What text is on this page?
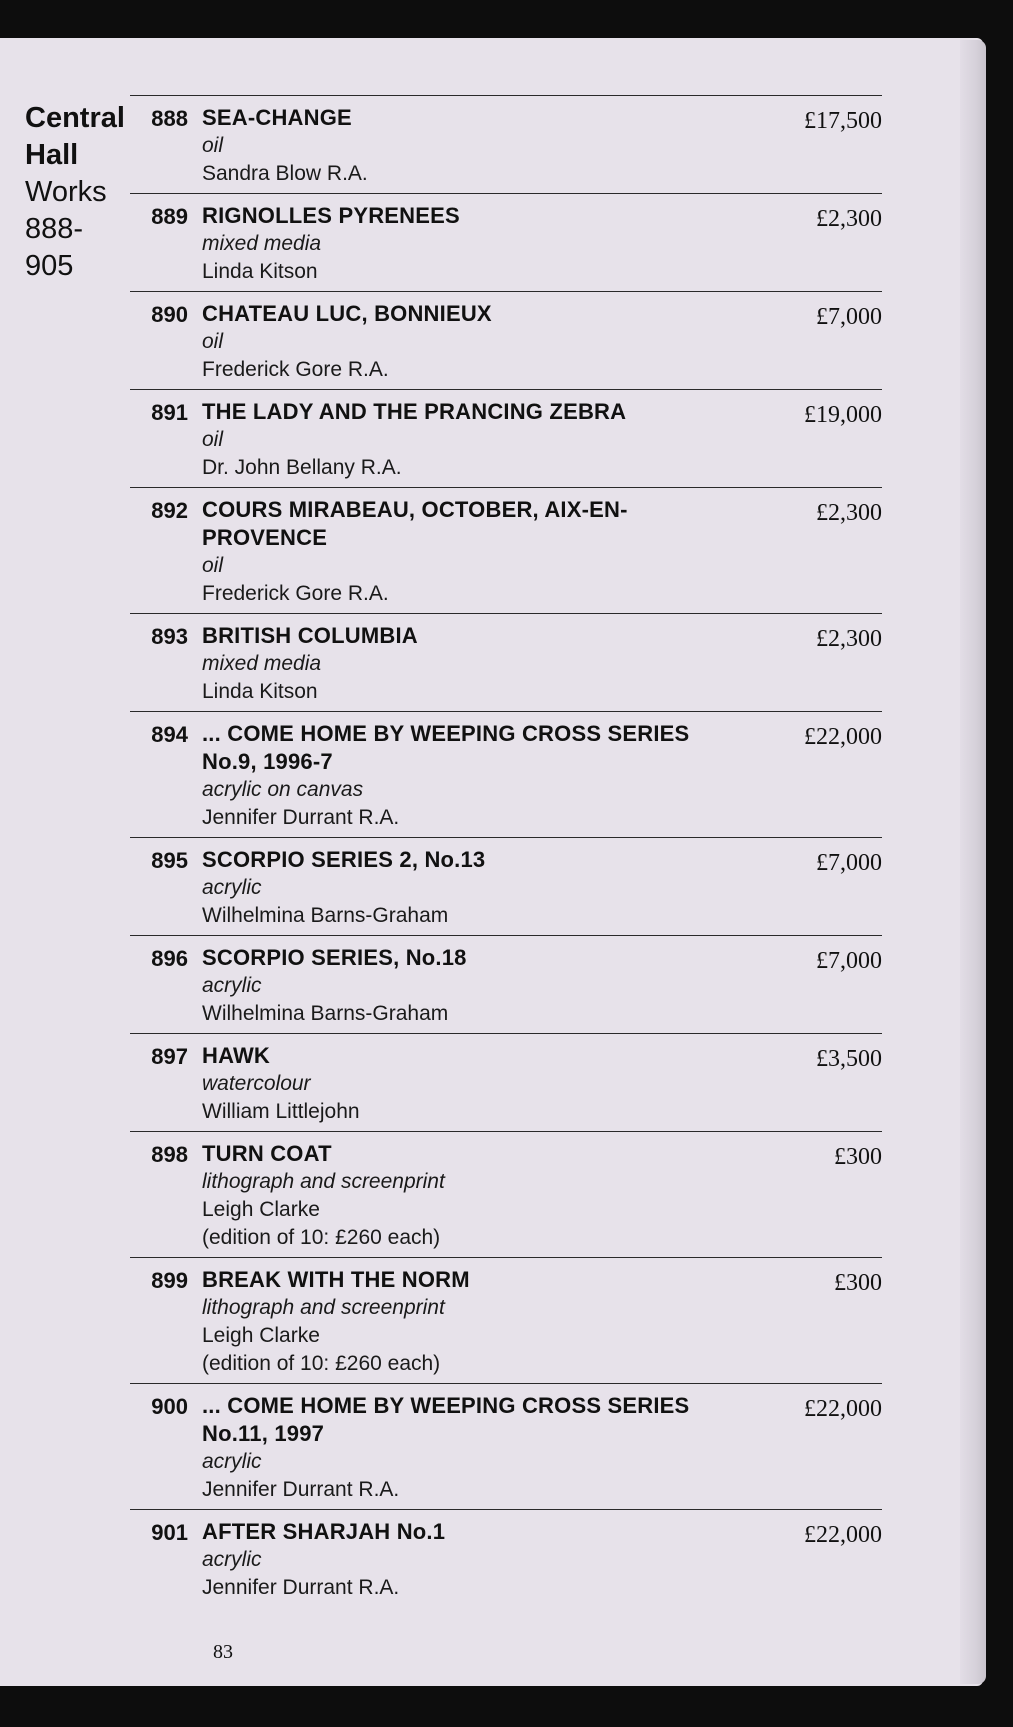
Central Hall
Works 888-905
888 SEA-CHANGE
oil
Sandra Blow R.A.
£17,500
889 RIGNOLLES PYRENEES
mixed media
Linda Kitson
£2,300
890 CHATEAU LUC, BONNIEUX
oil
Frederick Gore R.A.
£7,000
891 THE LADY AND THE PRANCING ZEBRA
oil
Dr. John Bellany R.A.
£19,000
892 COURS MIRABEAU, OCTOBER, AIX-EN-PROVENCE
oil
Frederick Gore R.A.
£2,300
893 BRITISH COLUMBIA
mixed media
Linda Kitson
£2,300
894 ... COME HOME BY WEEPING CROSS SERIES No.9, 1996-7
acrylic on canvas
Jennifer Durrant R.A.
£22,000
895 SCORPIO SERIES 2, No.13
acrylic
Wilhelmina Barns-Graham
£7,000
896 SCORPIO SERIES, No.18
acrylic
Wilhelmina Barns-Graham
£7,000
897 HAWK
watercolour
William Littlejohn
£3,500
898 TURN COAT
lithograph and screenprint
Leigh Clarke
(edition of 10: £260 each)
£300
899 BREAK WITH THE NORM
lithograph and screenprint
Leigh Clarke
(edition of 10: £260 each)
£300
900 ... COME HOME BY WEEPING CROSS SERIES No.11, 1997
acrylic
Jennifer Durrant R.A.
£22,000
901 AFTER SHARJAH No.1
acrylic
Jennifer Durrant R.A.
£22,000
83
